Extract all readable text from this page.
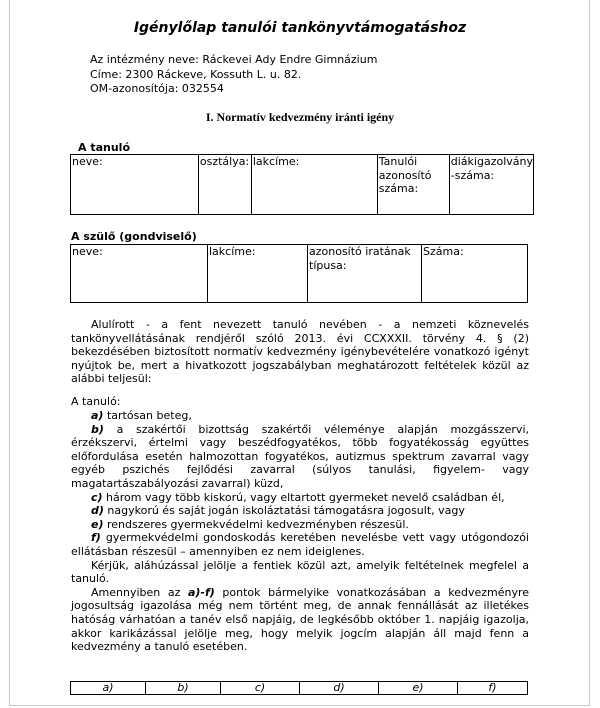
Igénylőlap tanulói tankönyvtámogatáshoz
Az intézmény neve: Ráckevei Ady Endre Gimnázium
Címe: 2300 Ráckeve, Kossuth L. u. 82.
OM-azonosítója: 032554
I. Normatív kedvezmény iránti igény
A tanuló
neve:	osztálya:	lakcíme:	Tanulói azonosító száma:	diákigazolvány -száma:
A szülő (gondviselő)
neve:	lakcíme:	azonosító iratának típusa:	Száma:
Alulírott - a fent nevezett tanuló nevében - a nemzeti köznevelés tankönyvellátásának rendjéről szóló 2013. évi CCXXXII. törvény 4. § (2) bekezdésében biztosított normatív kedvezmény igénybevételére vonatkozó igényt nyújtok be, mert a hivatkozott jogszabályban meghatározott feltételek közül az alábbi teljesül:
A tanuló:
a) tartósan beteg,
b) a szakértői bizottság szakértői véleménye alapján mozgásszervi, érzékszervi, értelmi vagy beszédfogyatékos, több fogyatékosság együttes előfordulása esetén halmozottan fogyatékos, autizmus spektrum zavarral vagy egyéb pszichés fejlődési zavarral (súlyos tanulási, figyelem- vagy magatartászabályozási zavarral) küzd,
c) három vagy több kiskorú, vagy eltartott gyermeket nevelő családban él,
d) nagykorú és saját jogán iskoláztatási támogatásra jogosult, vagy
e) rendszeres gyermekvédelmi kedvezményben részesül.
f) gyermekvédelmi gondoskodás keretében nevelésbe vett vagy utógondozói ellátásban részesül – amennyiben ez nem ideiglenes.
Kérjük, aláhúzással jelölje a fentiek közül azt, amelyik feltételnek megfelel a tanuló.
Amennyiben az a)-f) pontok bármelyike vonatkozásában a kedvezményre jogosultság igazolása még nem történt meg, de annak fennállását az illetékes hatóság várhatóan a tanév első napjáig, de legkésőbb október 1. napjáig igazolja, akkor karikázással jelölje meg, hogy melyik jogcím alapján áll majd fenn a kedvezmény a tanuló esetében.
a)	b)	c)	d)	e)	f)
